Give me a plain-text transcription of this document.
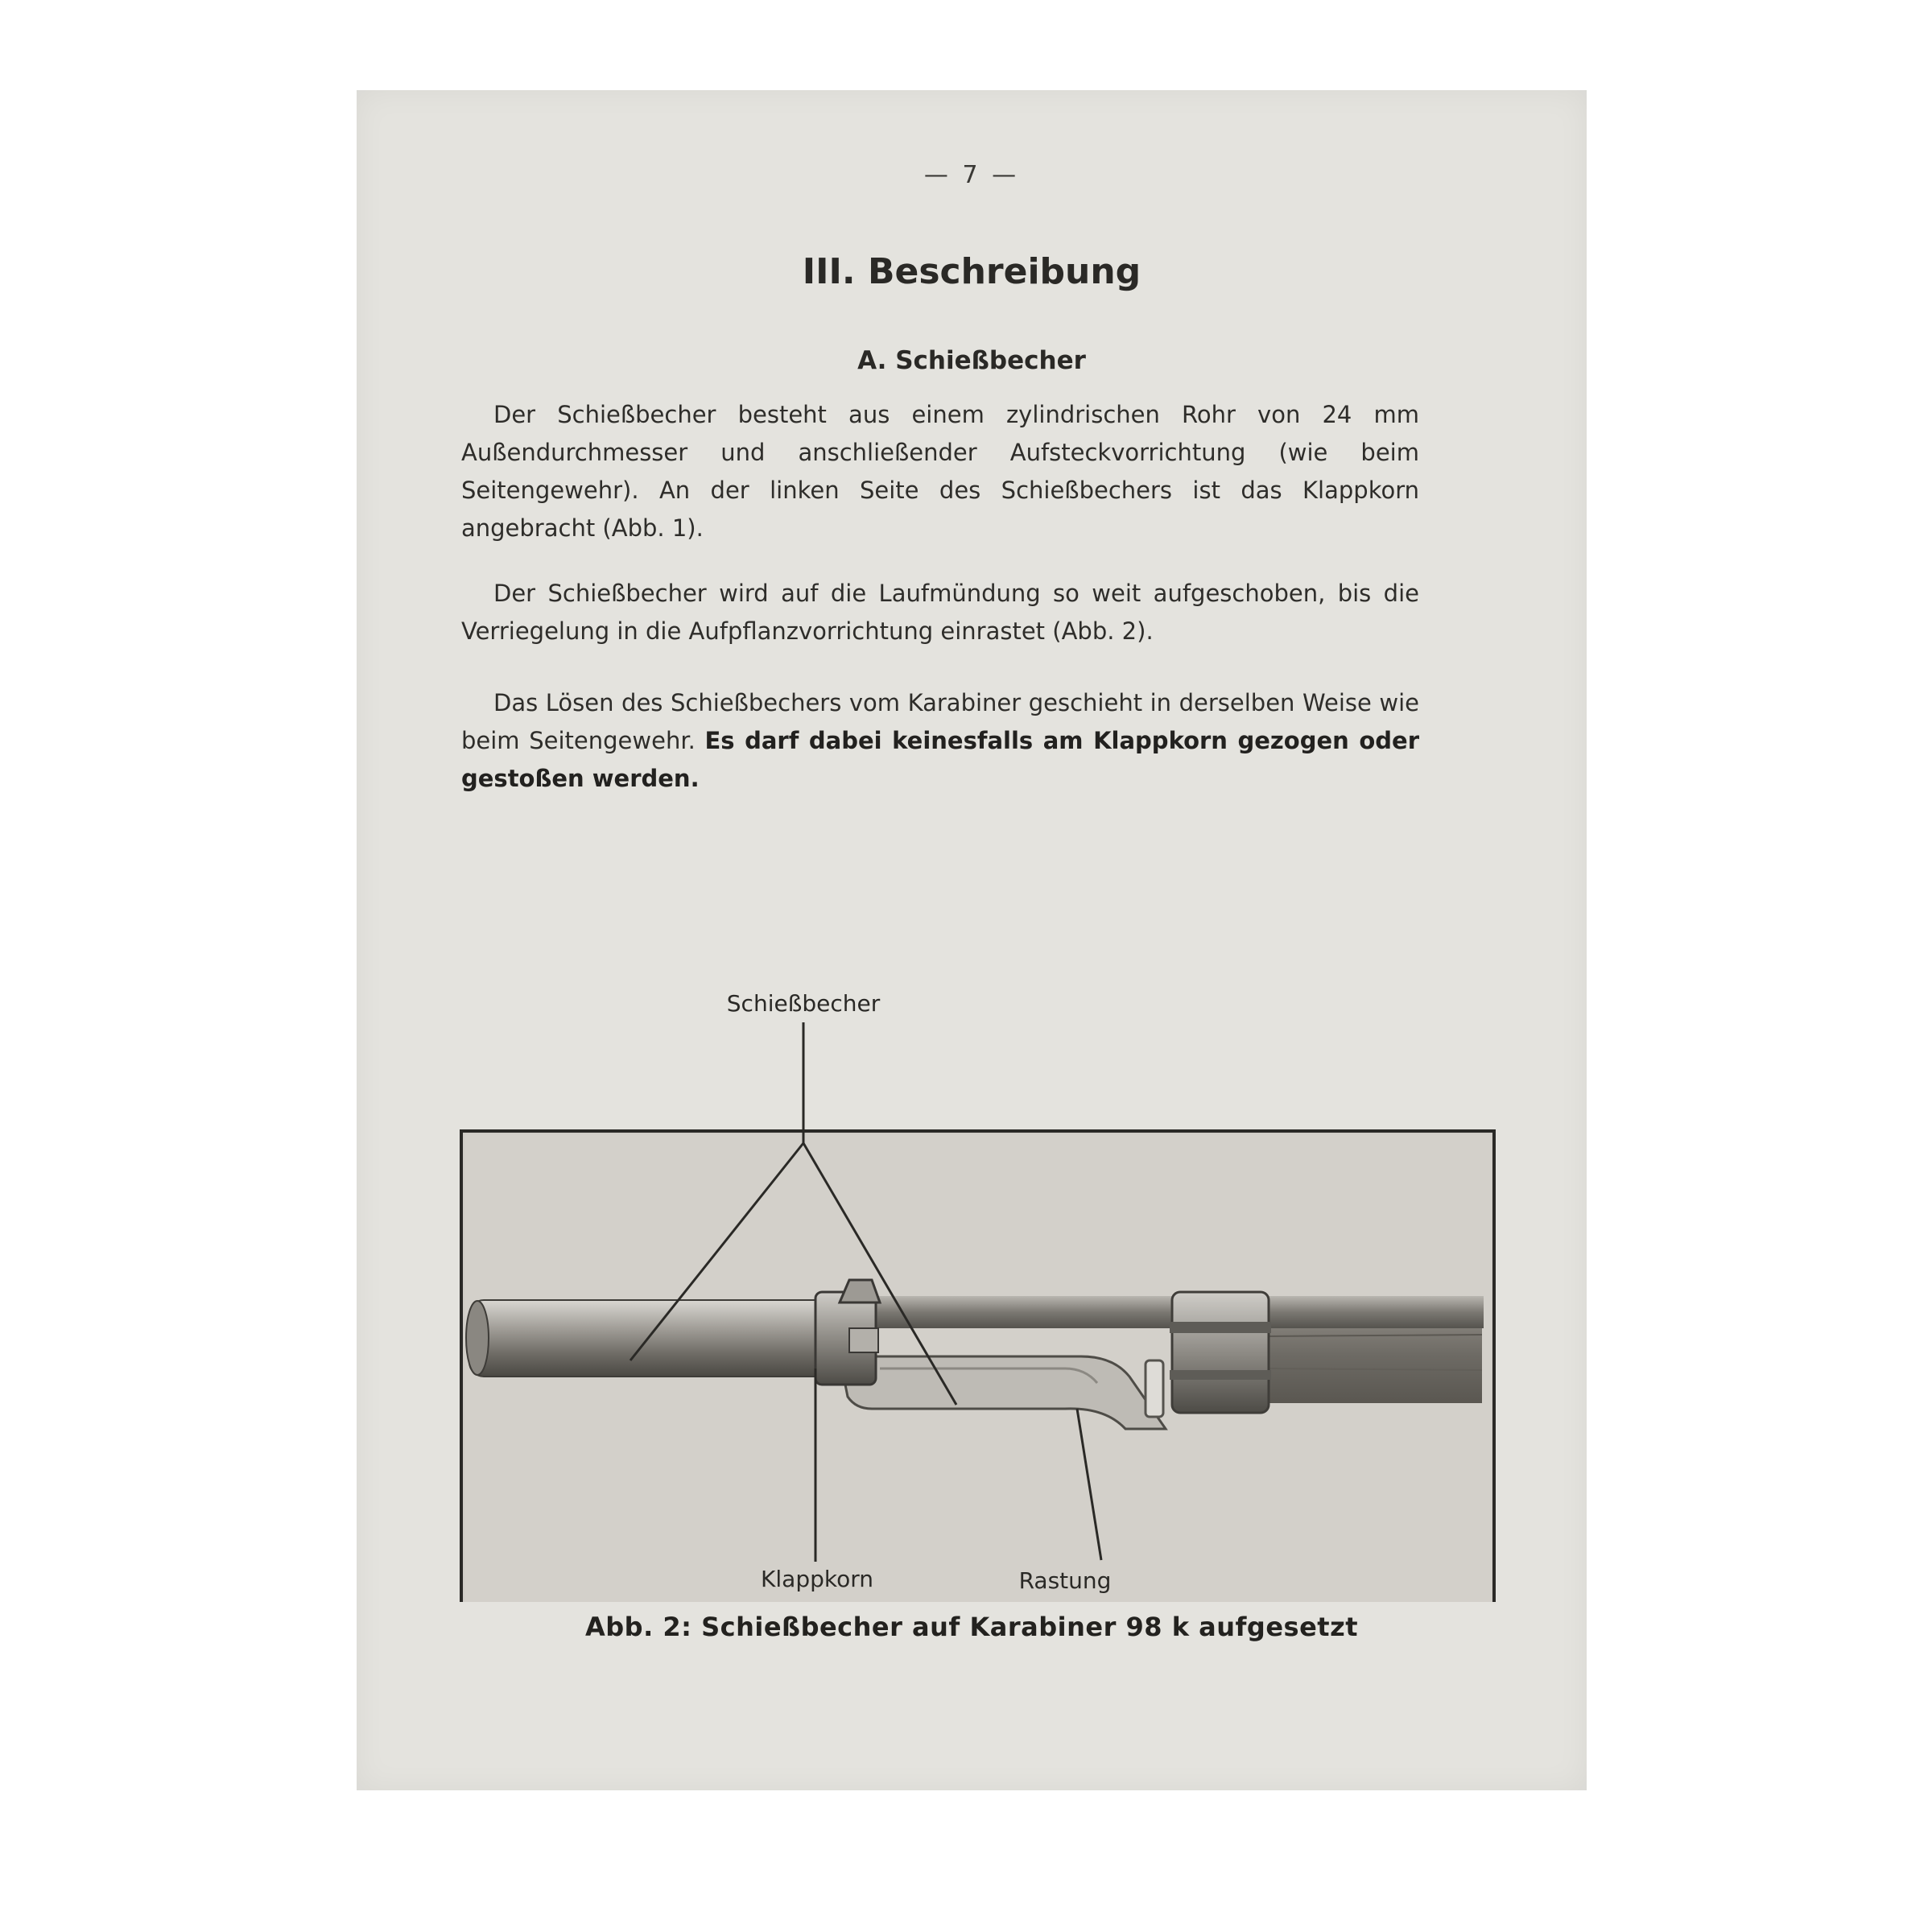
— 7 —
III. Beschreibung
A. Schießbecher

Der Schießbecher besteht aus einem zylindrischen Rohr von 24 mm Außendurchmesser und anschließender Aufsteckvorrichtung (wie beim Seitengewehr). An der linken Seite des Schießbechers ist das Klappkorn angebracht (Abb. 1).

Der Schießbecher wird auf die Laufmündung so weit aufgeschoben, bis die Verriegelung in die Aufpflanzvorrichtung einrastet (Abb. 2).

Das Lösen des Schießbechers vom Karabiner geschieht in derselben Weise wie beim Seitengewehr. Es darf dabei keinesfalls am Klappkorn gezogen oder gestoßen werden.

Schießbecher
Klappkorn	Rastung
Abb. 2: Schießbecher auf Karabiner 98 k aufgesetzt
